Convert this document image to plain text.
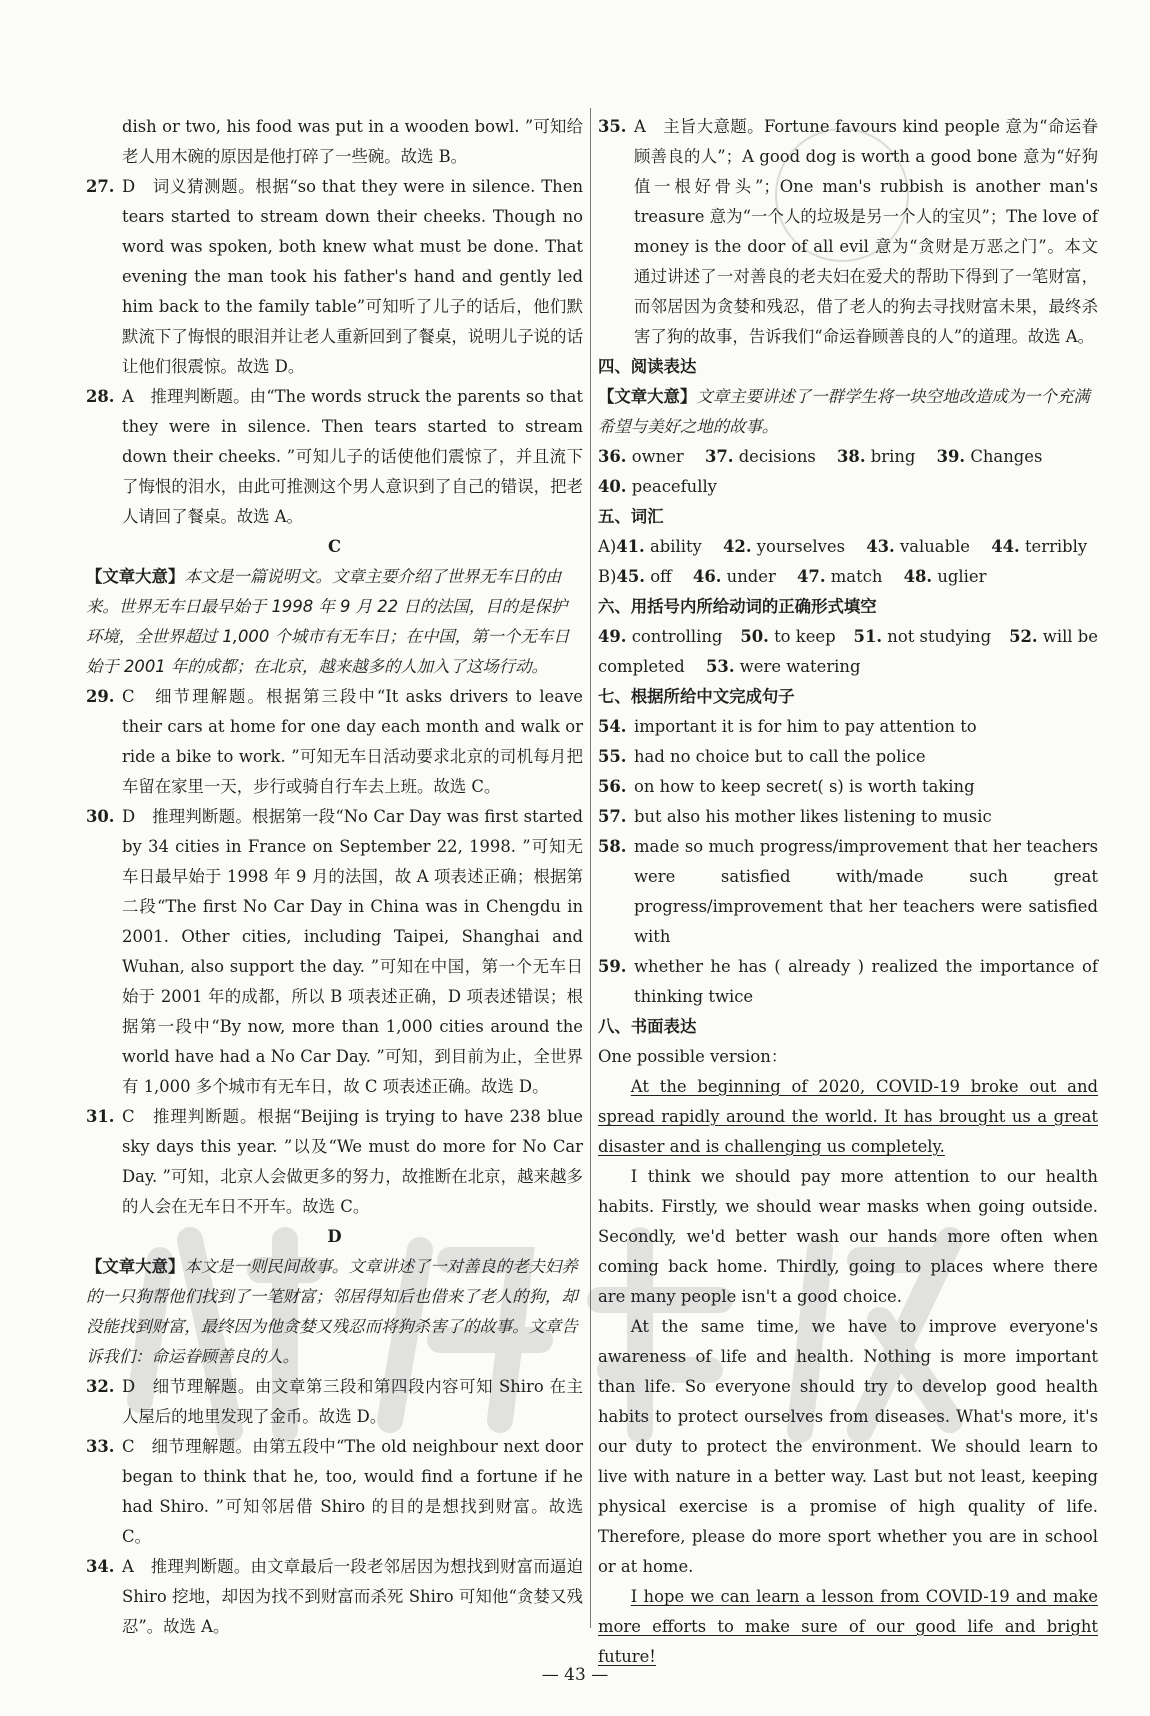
dish or two, his food was put in a wooden bowl. ”可知给老人用木碗的原因是他打碎了一些碗。故选 B。
27. D　词义猜测题。根据“so that they were in silence. Then tears started to stream down their cheeks. Though no word was spoken, both knew what must be done. That evening the man took his father's hand and gently led him back to the family table”可知听了儿子的话后，他们默默流下了悔恨的眼泪并让老人重新回到了餐桌，说明儿子说的话让他们很震惊。故选 D。
28. A　推理判断题。由“The words struck the parents so that they were in silence. Then tears started to stream down their cheeks. ”可知儿子的话使他们震惊了，并且流下了悔恨的泪水，由此可推测这个男人意识到了自己的错误，把老人请回了餐桌。故选 A。
C
【文章大意】本文是一篇说明文。文章主要介绍了世界无车日的由来。世界无车日最早始于 1998 年 9 月 22 日的法国，目的是保护环境，全世界超过 1,000 个城市有无车日；在中国，第一个无车日始于 2001 年的成都；在北京，越来越多的人加入了这场行动。
29. C　细节理解题。根据第三段中“It asks drivers to leave their cars at home for one day each month and walk or ride a bike to work. ”可知无车日活动要求北京的司机每月把车留在家里一天，步行或骑自行车去上班。故选 C。
30. D　推理判断题。根据第一段“No Car Day was first started by 34 cities in France on September 22, 1998. ”可知无车日最早始于 1998 年 9 月的法国，故 A 项表述正确；根据第二段“The first No Car Day in China was in Chengdu in 2001. Other cities, including Taipei, Shanghai and Wuhan, also support the day. ”可知在中国，第一个无车日始于 2001 年的成都，所以 B 项表述正确，D 项表述错误；根据第一段中“By now, more than 1,000 cities around the world have had a No Car Day. ”可知，到目前为止，全世界有 1,000 多个城市有无车日，故 C 项表述正确。故选 D。
31. C　推理判断题。根据“Beijing is trying to have 238 blue sky days this year. ”以及“We must do more for No Car Day. ”可知，北京人会做更多的努力，故推断在北京，越来越多的人会在无车日不开车。故选 C。
D
【文章大意】本文是一则民间故事。文章讲述了一对善良的老夫妇养的一只狗帮他们找到了一笔财富；邻居得知后也借来了老人的狗，却没能找到财富，最终因为他贪婪又残忍而将狗杀害了的故事。文章告诉我们：命运眷顾善良的人。
32. D　细节理解题。由文章第三段和第四段内容可知 Shiro 在主人屋后的地里发现了金币。故选 D。
33. C　细节理解题。由第五段中“The old neighbour next door began to think that he, too, would find a fortune if he had Shiro. ”可知邻居借 Shiro 的目的是想找到财富。故选 C。
34. A　推理判断题。由文章最后一段老邻居因为想找到财富而逼迫 Shiro 挖地，却因为找不到财富而杀死 Shiro 可知他“贪婪又残忍”。故选 A。
35. A　主旨大意题。Fortune favours kind people 意为“命运眷顾善良的人”；A good dog is worth a good bone 意为“好狗值一根好骨头”；One man's rubbish is another man's treasure 意为“一个人的垃圾是另一个人的宝贝”；The love of money is the door of all evil 意为“贪财是万恶之门”。本文通过讲述了一对善良的老夫妇在爱犬的帮助下得到了一笔财富，而邻居因为贪婪和残忍，借了老人的狗去寻找财富未果，最终杀害了狗的故事，告诉我们“命运眷顾善良的人”的道理。故选 A。
四、阅读表达
【文章大意】文章主要讲述了一群学生将一块空地改造成为一个充满希望与美好之地的故事。
36. owner 37. decisions 38. bring 39. Changes
40. peacefully
五、词汇
A)41. ability 42. yourselves 43. valuable 44. terribly
B)45. off 46. under 47. match 48. uglier
六、用括号内所给动词的正确形式填空
49. controlling 50. to keep 51. not studying 52. will be
completed 53. were watering
七、根据所给中文完成句子
54. important it is for him to pay attention to
55. had no choice but to call the police
56. on how to keep secret( s) is worth taking
57. but also his mother likes listening to music
58. made so much progress/improvement that her teachers were satisfied with/made such great progress/improvement that her teachers were satisfied with
59. whether he has ( already ) realized the importance of thinking twice
八、书面表达
One possible version：

At the beginning of 2020, COVID-19 broke out and spread rapidly around the world. It has brought us a great disaster and is challenging us completely.

I think we should pay more attention to our health habits. Firstly, we should wear masks when going outside. Secondly, we'd better wash our hands more often when coming back home. Thirdly, going to places where there are many people isn't a good choice.

At the same time, we have to improve everyone's awareness of life and health. Nothing is more important than life. So everyone should try to develop good health habits to protect ourselves from diseases. What's more, it's our duty to protect the environment. We should learn to live with nature in a better way. Last but not least, keeping physical exercise is a promise of high quality of life. Therefore, please do more sport whether you are in school or at home.

I hope we can learn a lesson from COVID-19 and make more efforts to make sure of our good life and bright future!

— 43 —
